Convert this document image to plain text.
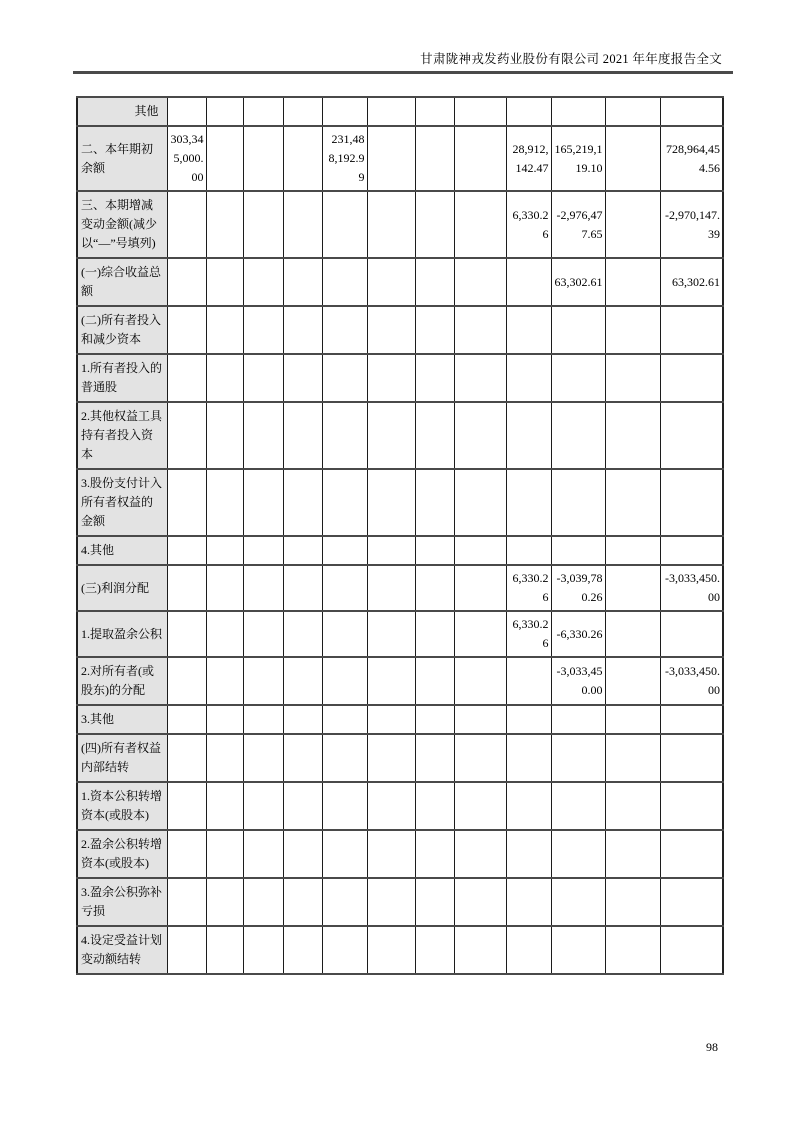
甘肃陇神戎发药业股份有限公司 2021 年年度报告全文
其他												
二、本年期初余额	303,345,000.00				231,488,192.99				28,912,142.47	165,219,119.10		728,964,454.56
三、本期增减变动金额(减少以“—”号填列)									6,330.26	-2,976,477.65		-2,970,147.39
(一)综合收益总额										63,302.61		63,302.61
(二)所有者投入和减少资本												
1.所有者投入的普通股												
2.其他权益工具持有者投入资本												
3.股份支付计入所有者权益的金额												
4.其他												
(三)利润分配									6,330.26	-3,039,780.26		-3,033,450.00
1.提取盈余公积									6,330.26	-6,330.26		
2.对所有者(或股东)的分配										-3,033,450.00		-3,033,450.00
3.其他												
(四)所有者权益内部结转												
1.资本公积转增资本(或股本)												
2.盈余公积转增资本(或股本)												
3.盈余公积弥补亏损												
4.设定受益计划变动额结转												
98
